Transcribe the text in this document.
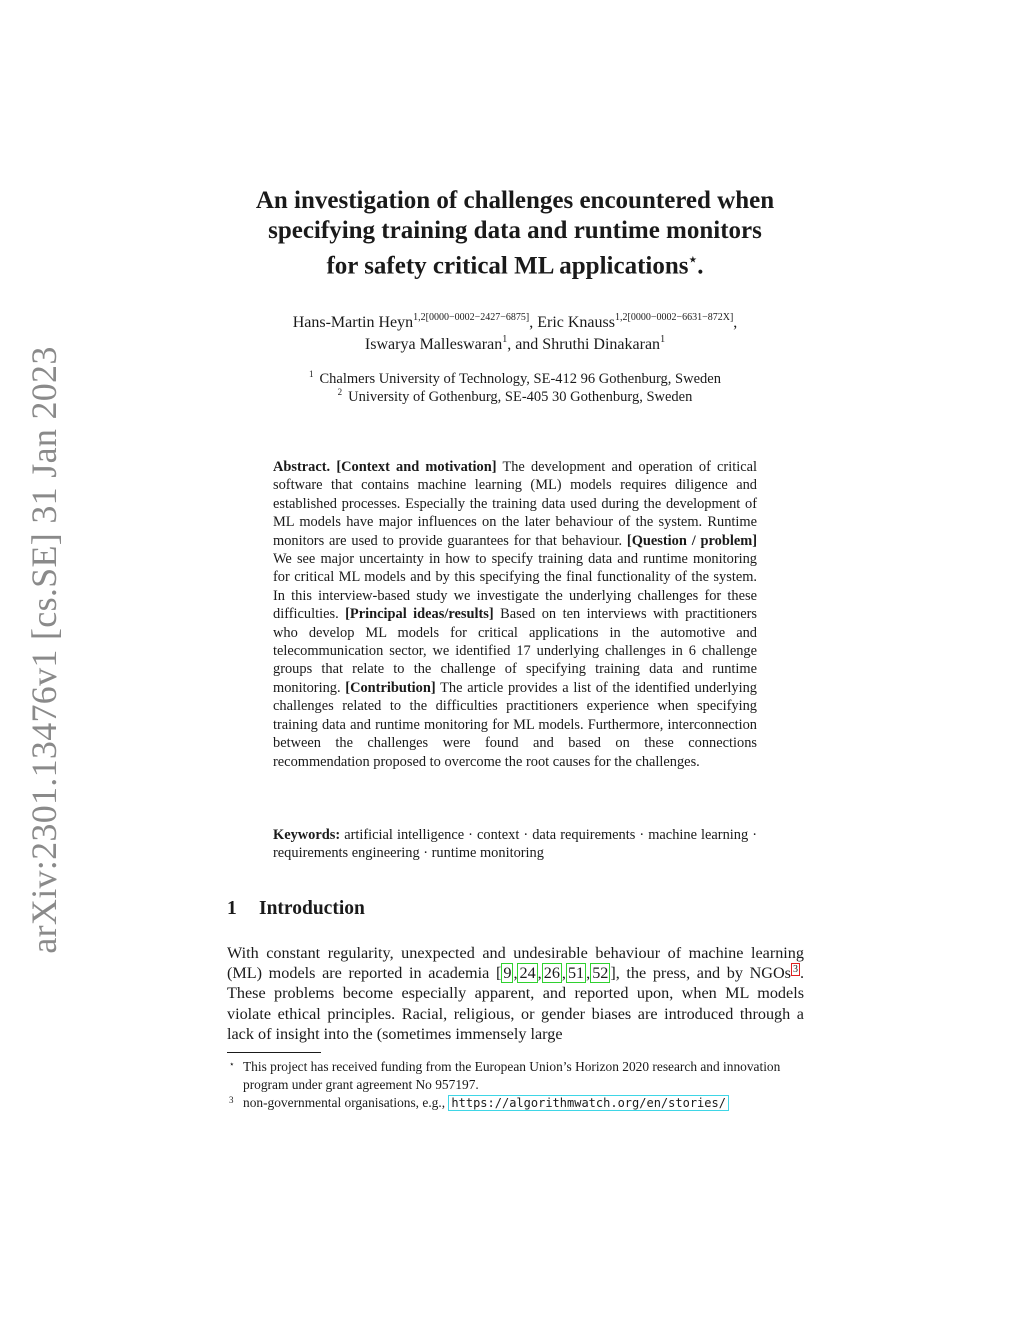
arXiv:2301.13476v1 [cs.SE] 31 Jan 2023
An investigation of challenges encountered when
specifying training data and runtime monitors
for safety critical ML applications⋆.
Hans-Martin Heyn$^{1,2[0000-0002-2427-6875]}$, Eric Knauss$^{1,2[0000-0002-6631-872X]}$,
Iswarya Malleswaran$^1$, and Shruthi Dinakaran$^1$
$^1$ Chalmers University of Technology, SE-412 96 Gothenburg, Sweden
$^2$ University of Gothenburg, SE-405 30 Gothenburg, Sweden
Abstract. [Context and motivation] The development and operation of critical software that contains machine learning (ML) models requires diligence and established processes. Especially the training data used during the development of ML models have major influences on the later behaviour of the system. Runtime monitors are used to provide guarantees for that behaviour. [Question / problem] We see major uncertainty in how to specify training data and runtime monitoring for critical ML models and by this specifying the final functionality of the system. In this interview-based study we investigate the underlying challenges for these difficulties. [Principal ideas/results] Based on ten interviews with practitioners who develop ML models for critical applications in the automotive and telecommunication sector, we identified 17 underlying challenges in 6 challenge groups that relate to the challenge of specifying training data and runtime monitoring. [Contribution] The article provides a list of the identified underlying challenges related to the difficulties practitioners experience when specifying training data and runtime monitoring for ML models. Furthermore, interconnection between the challenges were found and based on these connections recommendation proposed to overcome the root causes for the challenges.
Keywords: artificial intelligence · context · data requirements · machine learning · requirements engineering · runtime monitoring
1 Introduction
With constant regularity, unexpected and undesirable behaviour of machine learning (ML) models are reported in academia [ 9 , 24 , 26 , 51 , 52 ], the press, and by NGOs $^3$ . These problems become especially apparent, and reported upon, when ML models violate ethical principles. Racial, religious, or gender biases are introduced through a lack of insight into the (sometimes immensely large
⋆ This project has received funding from the European Union’s Horizon 2020 research and innovation program under grant agreement No 957197.
3 non-governmental organisations, e.g., https://algorithmwatch.org/en/stories/
